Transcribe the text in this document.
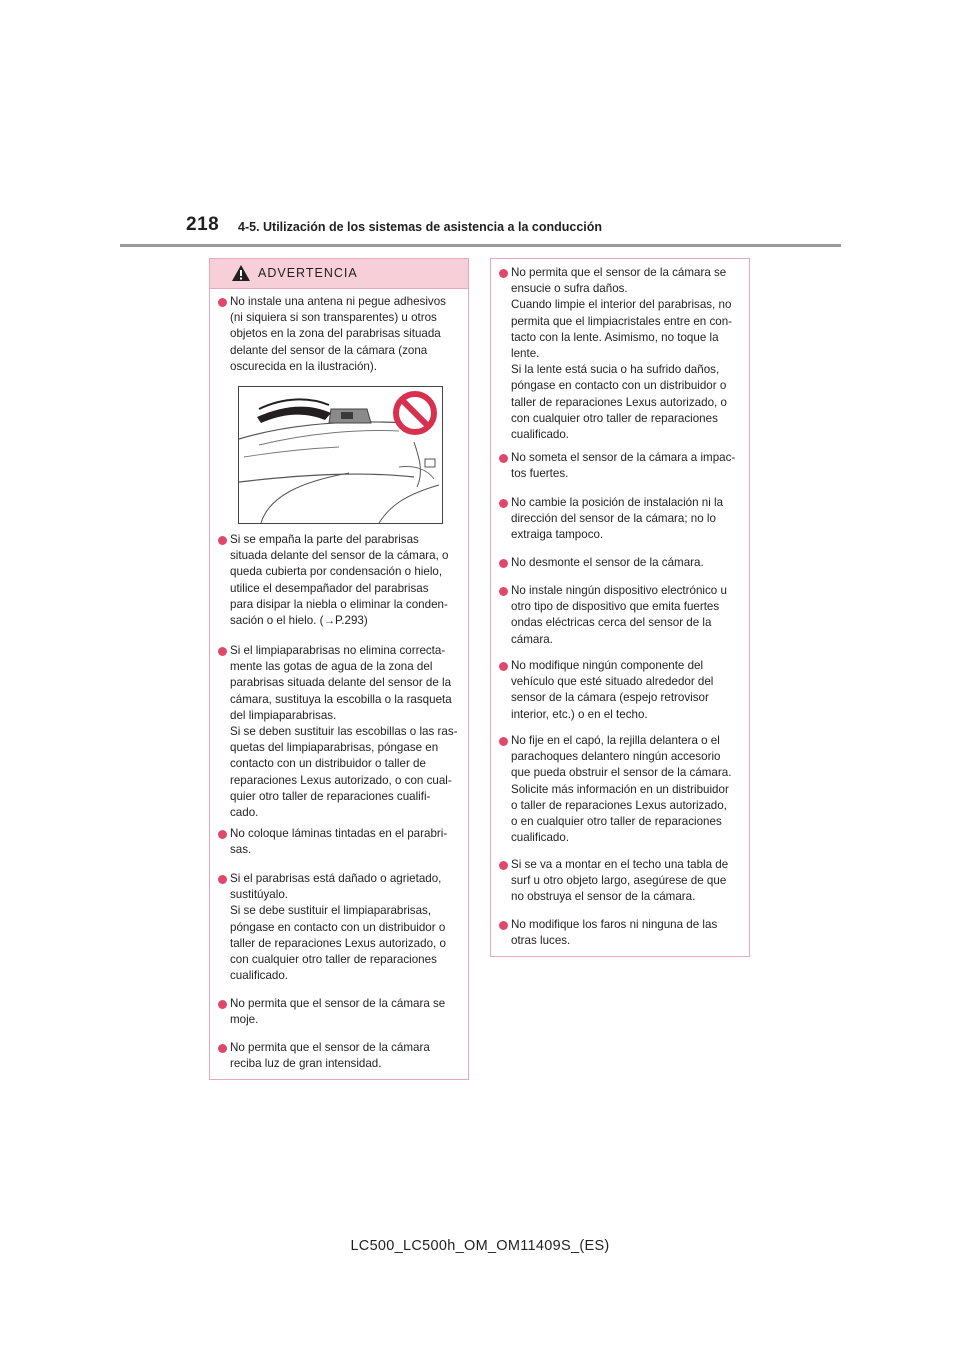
218 4-5. Utilización de los sistemas de asistencia a la conducción
ADVERTENCIA
No instale una antena ni pegue adhesivos
(ni siquiera si son transparentes) u otros
objetos en la zona del parabrisas situada
delante del sensor de la cámara (zona
oscurecida en la ilustración).
Si se empaña la parte del parabrisas
situada delante del sensor de la cámara, o
queda cubierta por condensación o hielo,
utilice el desempañador del parabrisas
para disipar la niebla o eliminar la conden-
sación o el hielo. (→P.293)
Si el limpiaparabrisas no elimina correcta-
mente las gotas de agua de la zona del
parabrisas situada delante del sensor de la
cámara, sustituya la escobilla o la rasqueta
del limpiaparabrisas.
Si se deben sustituir las escobillas o las ras-
quetas del limpiaparabrisas, póngase en
contacto con un distribuidor o taller de
reparaciones Lexus autorizado, o con cual-
quier otro taller de reparaciones cualifi-
cado.
No coloque láminas tintadas en el parabri-
sas.
Si el parabrisas está dañado o agrietado,
sustitúyalo.
Si se debe sustituir el limpiaparabrisas,
póngase en contacto con un distribuidor o
taller de reparaciones Lexus autorizado, o
con cualquier otro taller de reparaciones
cualificado.
No permita que el sensor de la cámara se
moje.
No permita que el sensor de la cámara
reciba luz de gran intensidad.
No permita que el sensor de la cámara se
ensucie o sufra daños.
Cuando limpie el interior del parabrisas, no
permita que el limpiacristales entre en con-
tacto con la lente. Asimismo, no toque la
lente.
Si la lente está sucia o ha sufrido daños,
póngase en contacto con un distribuidor o
taller de reparaciones Lexus autorizado, o
con cualquier otro taller de reparaciones
cualificado.
No someta el sensor de la cámara a impac-
tos fuertes.
No cambie la posición de instalación ni la
dirección del sensor de la cámara; no lo
extraiga tampoco.
No desmonte el sensor de la cámara.
No instale ningún dispositivo electrónico u
otro tipo de dispositivo que emita fuertes
ondas eléctricas cerca del sensor de la
cámara.
No modifique ningún componente del
vehículo que esté situado alrededor del
sensor de la cámara (espejo retrovisor
interior, etc.) o en el techo.
No fije en el capó, la rejilla delantera o el
parachoques delantero ningún accesorio
que pueda obstruir el sensor de la cámara.
Solicite más información en un distribuidor
o taller de reparaciones Lexus autorizado,
o en cualquier otro taller de reparaciones
cualificado.
Si se va a montar en el techo una tabla de
surf u otro objeto largo, asegúrese de que
no obstruya el sensor de la cámara.
No modifique los faros ni ninguna de las
otras luces.
LC500_LC500h_OM_OM11409S_(ES)
